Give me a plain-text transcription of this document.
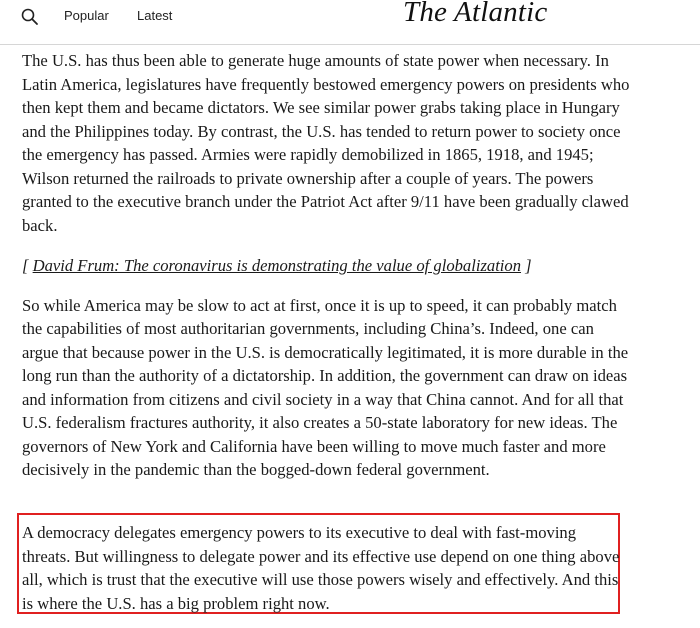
Popular Latest	The Atlantic

The U.S. has thus been able to generate huge amounts of state power when necessary. In Latin America, legislatures have frequently bestowed emergency powers on presidents who then kept them and became dictators. We see similar power grabs taking place in Hungary and the Philippines today. By contrast, the U.S. has tended to return power to society once the emergency has passed. Armies were rapidly demobilized in 1865, 1918, and 1945; Wilson returned the railroads to private ownership after a couple of years. The powers granted to the executive branch under the Patriot Act after 9/11 have been gradually clawed back.

[ David Frum: The coronavirus is demonstrating the value of globalization ]

So while America may be slow to act at first, once it is up to speed, it can probably match the capabilities of most authoritarian governments, including China’s. Indeed, one can argue that because power in the U.S. is democratically legitimated, it is more durable in the long run than the authority of a dictatorship. In addition, the government can draw on ideas and information from citizens and civil society in a way that China cannot. And for all that U.S. federalism fractures authority, it also creates a 50-state laboratory for new ideas. The governors of New York and California have been willing to move much faster and more decisively in the pandemic than the bogged-down federal government.

A democracy delegates emergency powers to its executive to deal with fast-moving threats. But willingness to delegate power and its effective use depend on one thing above all, which is trust that the executive will use those powers wisely and effectively. And this is where the U.S. has a big problem right now.
